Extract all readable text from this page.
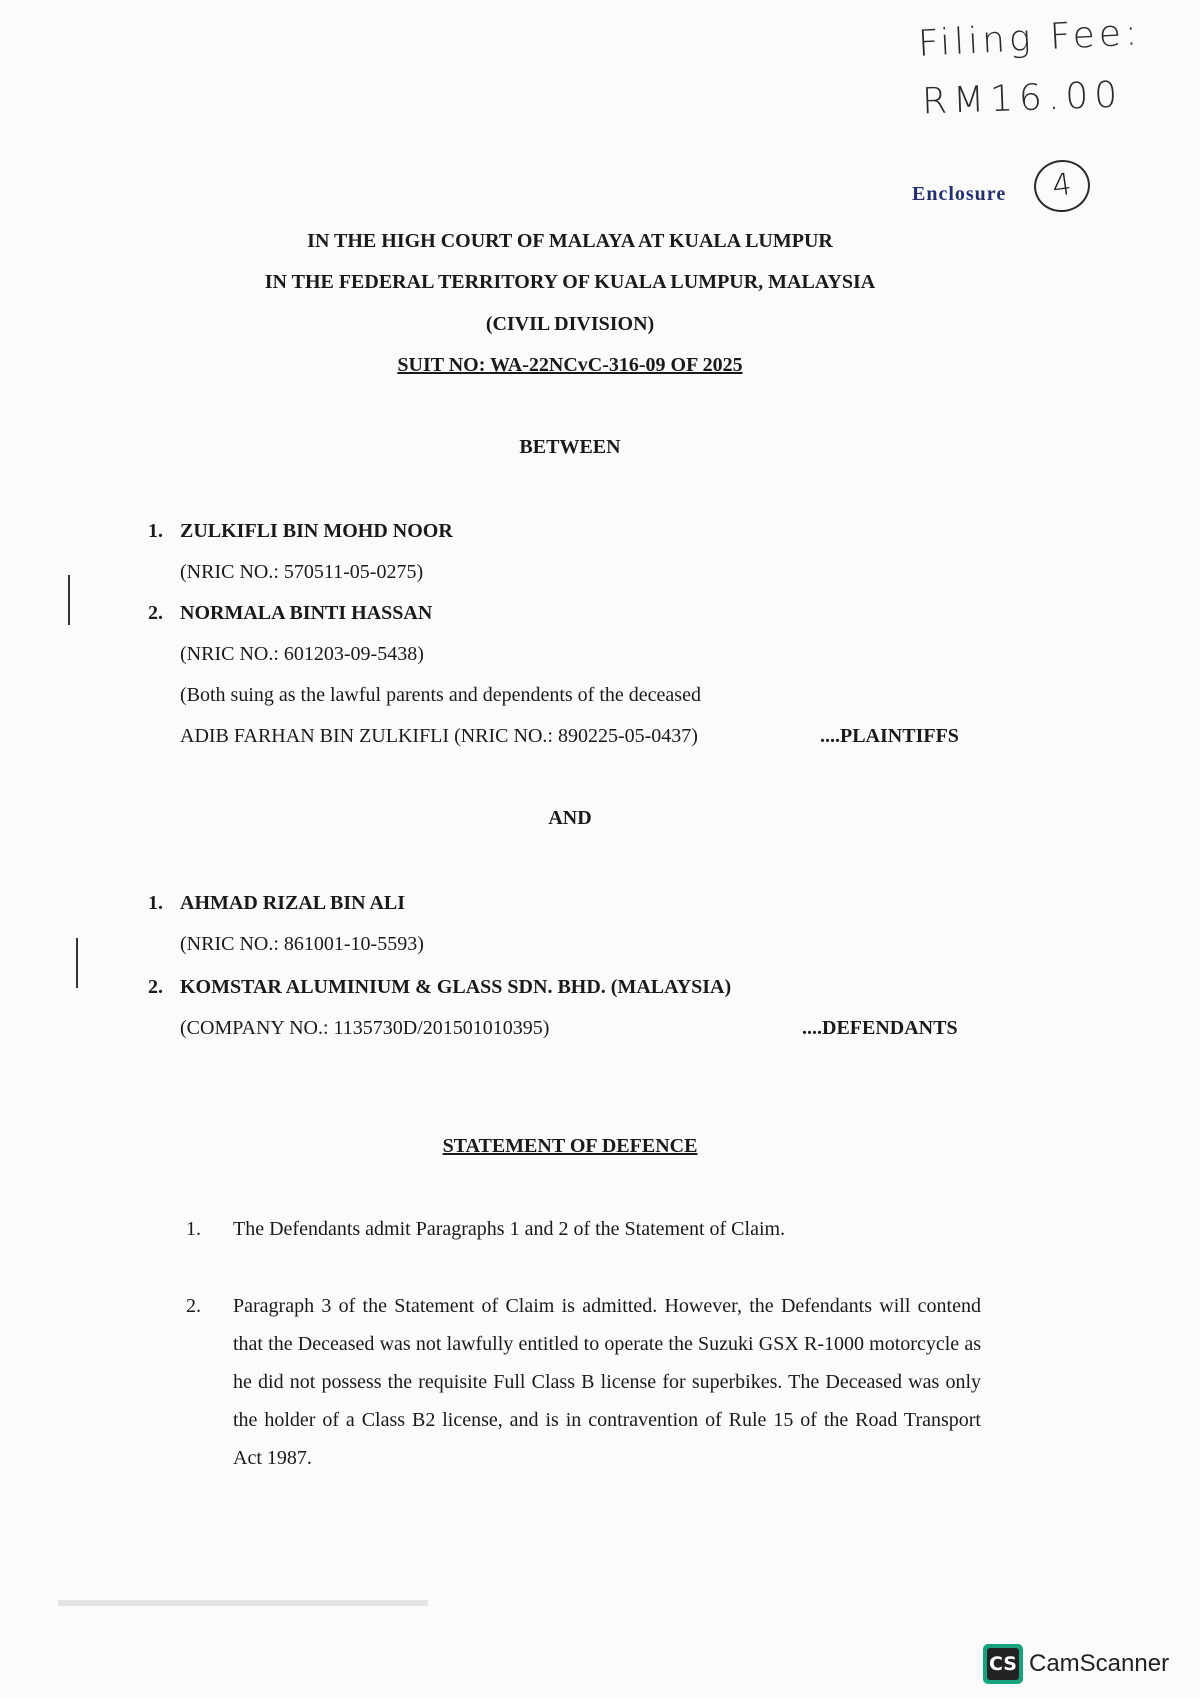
Filing Fee:
RM16.00
Enclosure	4
IN THE HIGH COURT OF MALAYA AT KUALA LUMPUR
IN THE FEDERAL TERRITORY OF KUALA LUMPUR, MALAYSIA
(CIVIL DIVISION)
SUIT NO: WA-22NCvC-316-09 OF 2025
BETWEEN
1. ZULKIFLI BIN MOHD NOOR
(NRIC NO.: 570511-05-0275)
2. NORMALA BINTI HASSAN
(NRIC NO.: 601203-09-5438)
(Both suing as the lawful parents and dependents of the deceased
ADIB FARHAN BIN ZULKIFLI (NRIC NO.: 890225-05-0437)	....PLAINTIFFS
AND
1. AHMAD RIZAL BIN ALI
(NRIC NO.: 861001-10-5593)
2. KOMSTAR ALUMINIUM & GLASS SDN. BHD. (MALAYSIA)
(COMPANY NO.: 1135730D/201501010395)	....DEFENDANTS
STATEMENT OF DEFENCE
1. The Defendants admit Paragraphs 1 and 2 of the Statement of Claim.
2. Paragraph 3 of the Statement of Claim is admitted. However, the Defendants will contend that the Deceased was not lawfully entitled to operate the Suzuki GSX R-1000 motorcycle as he did not possess the requisite Full Class B license for superbikes. The Deceased was only the holder of a Class B2 license, and is in contravention of Rule 15 of the Road Transport Act 1987.
CS CamScanner
